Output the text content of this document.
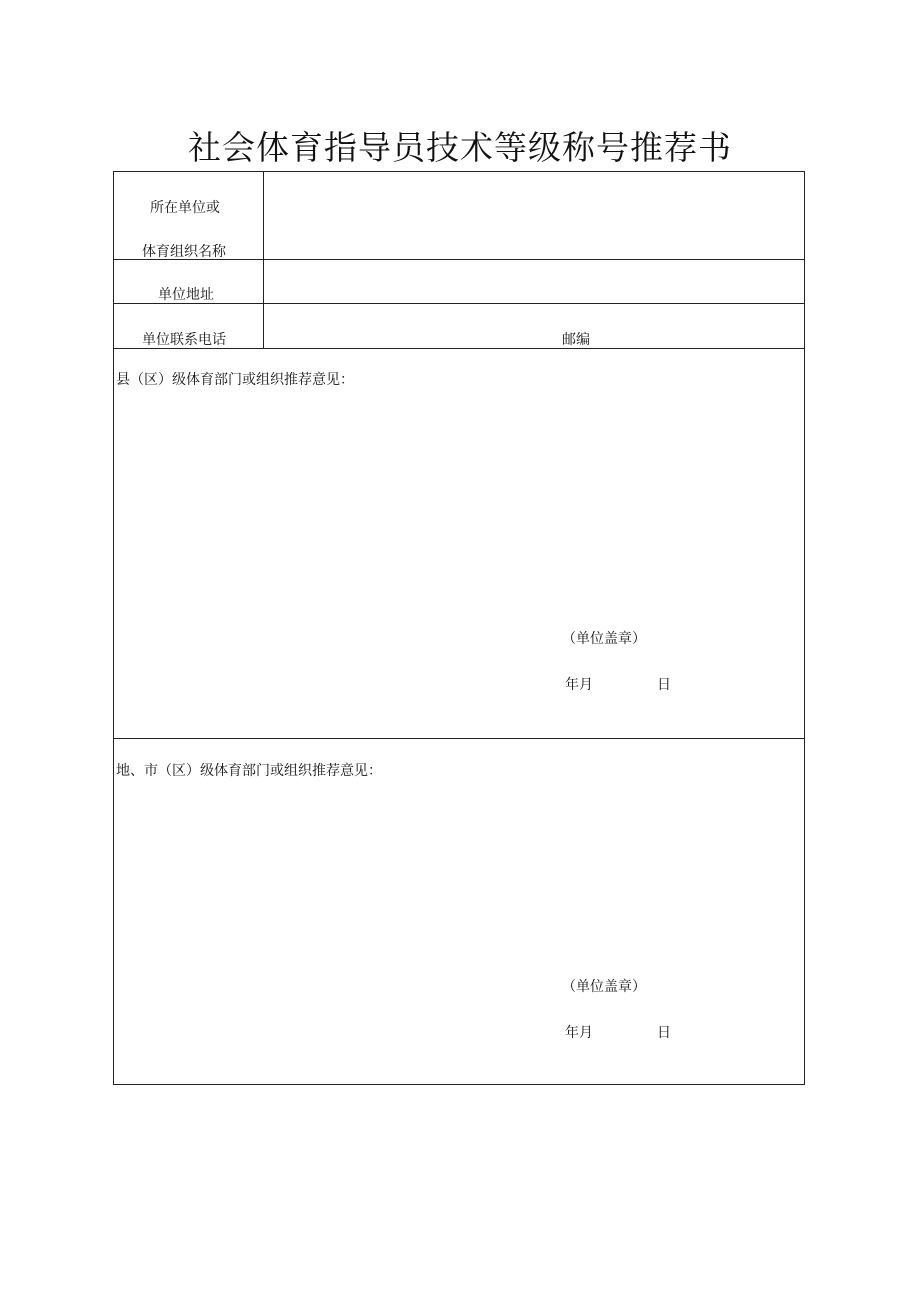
社会体育指导员技术等级称号推荐书
所在单位或
体育组织名称
单位地址
单位联系电话	邮编
县（区）级体育部门或组织推荐意见：
（单位盖章）
年月	日
地、市（区）级体育部门或组织推荐意见：
（单位盖章）
年月	日
